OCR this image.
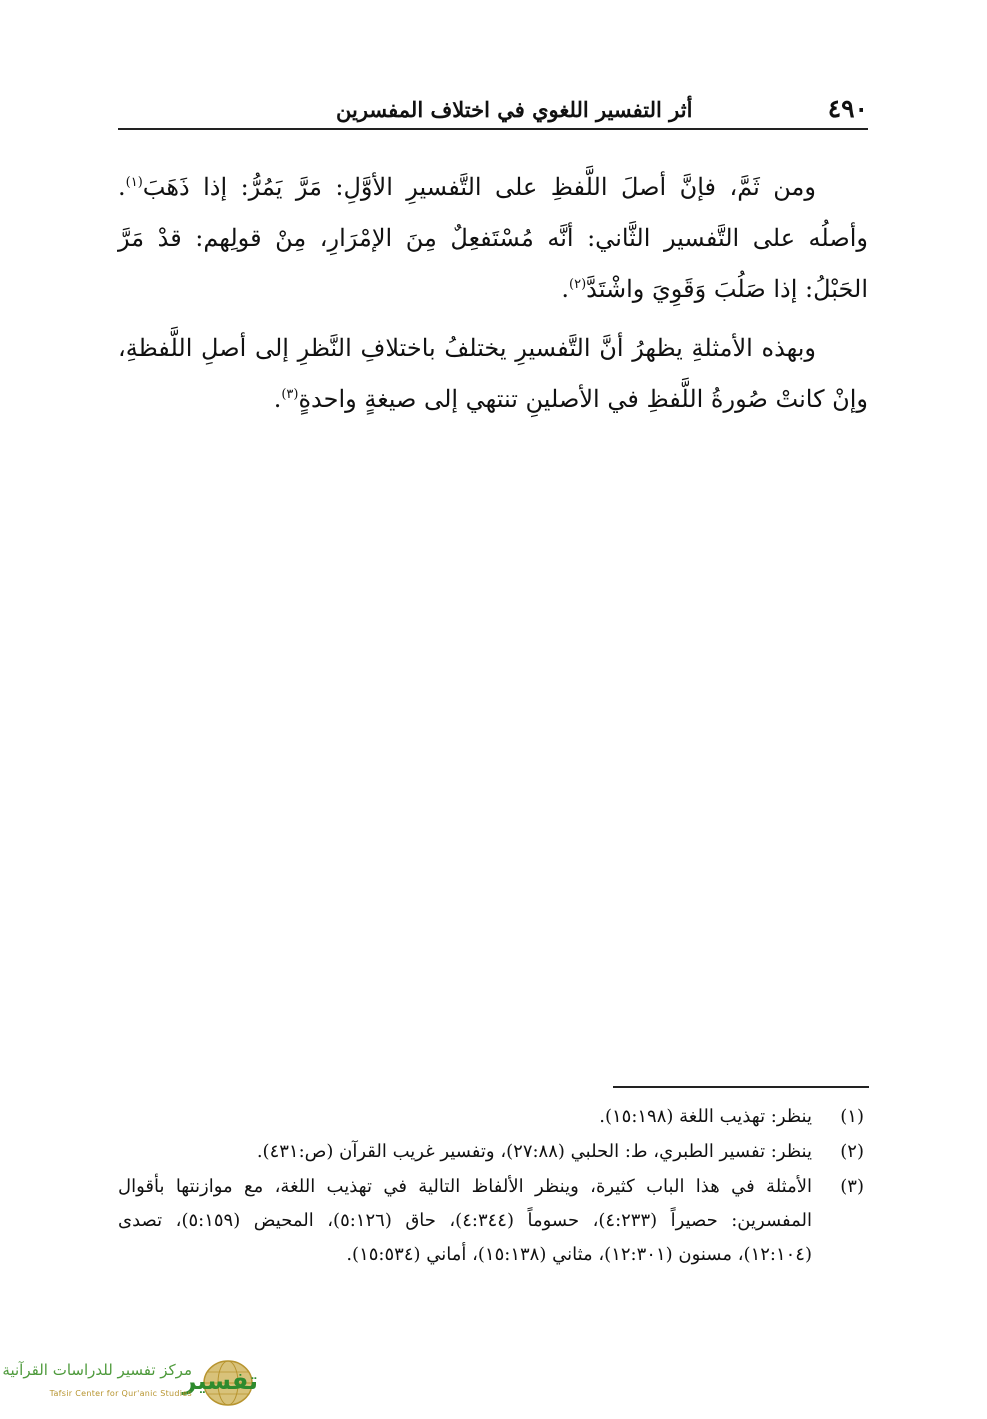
٤٩٠
أثر التفسير اللغوي في اختلاف المفسرين

ومن ثَمَّ، فإنَّ أصلَ اللَّفظِ على التَّفسيرِ الأوَّلِ: مَرَّ يَمُرُّ: إذا ذَهَبَ$^{(١)}$. وأصلُه على التَّفسير الثَّاني: أنَّه مُسْتَفعِلٌ مِنَ الإمْرَارِ، مِنْ قولِهم: قدْ مَرَّ الحَبْلُ: إذا صَلُبَ وَقَوِيَ واشْتَدَّ$^{(٢)}$.

وبهذه الأمثلةِ يظهرُ أنَّ التَّفسيرِ يختلفُ باختلافِ النَّظرِ إلى أصلِ اللَّفظةِ، وإنْ كانتْ صُورةُ اللَّفظِ في الأصلينِ تنتهي إلى صيغةٍ واحدةٍ$^{(٣)}$.

(١)
ينظر: تهذيب اللغة (١٥:١٩٨).
(٢)
ينظر: تفسير الطبري، ط: الحلبي (٢٧:٨٨)، وتفسير غريب القرآن (ص:٤٣١).
(٣)
الأمثلة في هذا الباب كثيرة، وينظر الألفاظ التالية في تهذيب اللغة، مع موازنتها بأقوال المفسرين: حصيراً (٤:٢٣٣)، حسوماً (٤:٣٤٤)، حاق (٥:١٢٦)، المحيض (٥:١٥٩)، تصدى (١٢:١٠٤)، مسنون (١٢:٣٠١)، مثاني (١٥:١٣٨)، أماني (١٥:٥٣٤).
تفسير
مركز تفسير للدراسات القرآنية
Tafsir Center for Qur'anic Studies
